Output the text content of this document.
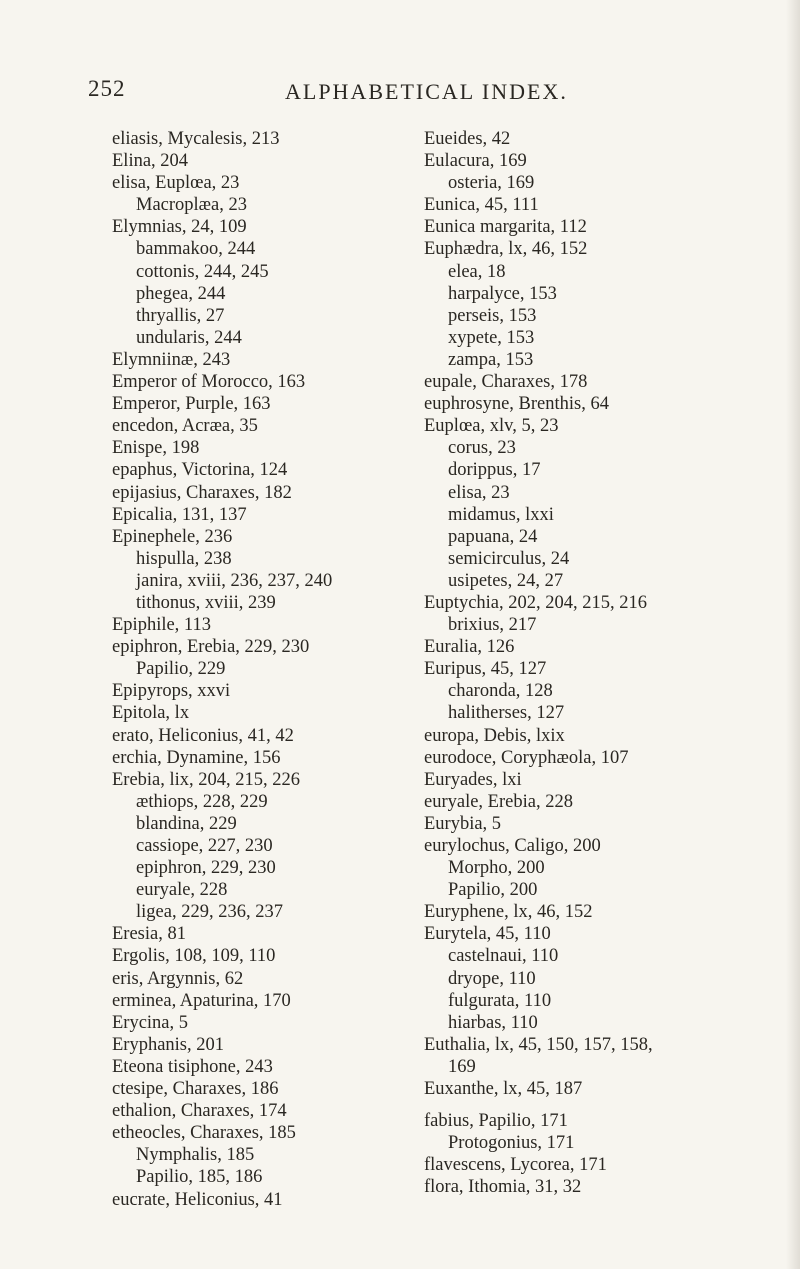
252	ALPHABETICAL INDEX.
eliasis, Mycalesis, 213
Elina, 204
elisa, Euplœa, 23
Macroplæa, 23
Elymnias, 24, 109
bammakoo, 244
cottonis, 244, 245
phegea, 244
thryallis, 27
undularis, 244
Elymniinæ, 243
Emperor of Morocco, 163
Emperor, Purple, 163
encedon, Acræa, 35
Enispe, 198
epaphus, Victorina, 124
epijasius, Charaxes, 182
Epicalia, 131, 137
Epinephele, 236
hispulla, 238
janira, xviii, 236, 237, 240
tithonus, xviii, 239
Epiphile, 113
epiphron, Erebia, 229, 230
Papilio, 229
Epipyrops, xxvi
Epitola, lx
erato, Heliconius, 41, 42
erchia, Dynamine, 156
Erebia, lix, 204, 215, 226
æthiops, 228, 229
blandina, 229
cassiope, 227, 230
epiphron, 229, 230
euryale, 228
ligea, 229, 236, 237
Eresia, 81
Ergolis, 108, 109, 110
eris, Argynnis, 62
erminea, Apaturina, 170
Erycina, 5
Eryphanis, 201
Eteona tisiphone, 243
ctesipe, Charaxes, 186
ethalion, Charaxes, 174
etheocles, Charaxes, 185
Nymphalis, 185
Papilio, 185, 186
eucrate, Heliconius, 41
Eueides, 42
Eulacura, 169
osteria, 169
Eunica, 45, 111
Eunica margarita, 112
Euphædra, lx, 46, 152
elea, 18
harpalyce, 153
perseis, 153
xypete, 153
zampa, 153
eupale, Charaxes, 178
euphrosyne, Brenthis, 64
Euplœa, xlv, 5, 23
corus, 23
dorippus, 17
elisa, 23
midamus, lxxi
papuana, 24
semicirculus, 24
usipetes, 24, 27
Euptychia, 202, 204, 215, 216
brixius, 217
Euralia, 126
Euripus, 45, 127
charonda, 128
halitherses, 127
europa, Debis, lxix
eurodoce, Coryphæola, 107
Euryades, lxi
euryale, Erebia, 228
Eurybia, 5
eurylochus, Caligo, 200
Morpho, 200
Papilio, 200
Euryphene, lx, 46, 152
Eurytela, 45, 110
castelnaui, 110
dryope, 110
fulgurata, 110
hiarbas, 110
Euthalia, lx, 45, 150, 157, 158,
169
Euxanthe, lx, 45, 187
fabius, Papilio, 171
Protogonius, 171
flavescens, Lycorea, 171
flora, Ithomia, 31, 32
